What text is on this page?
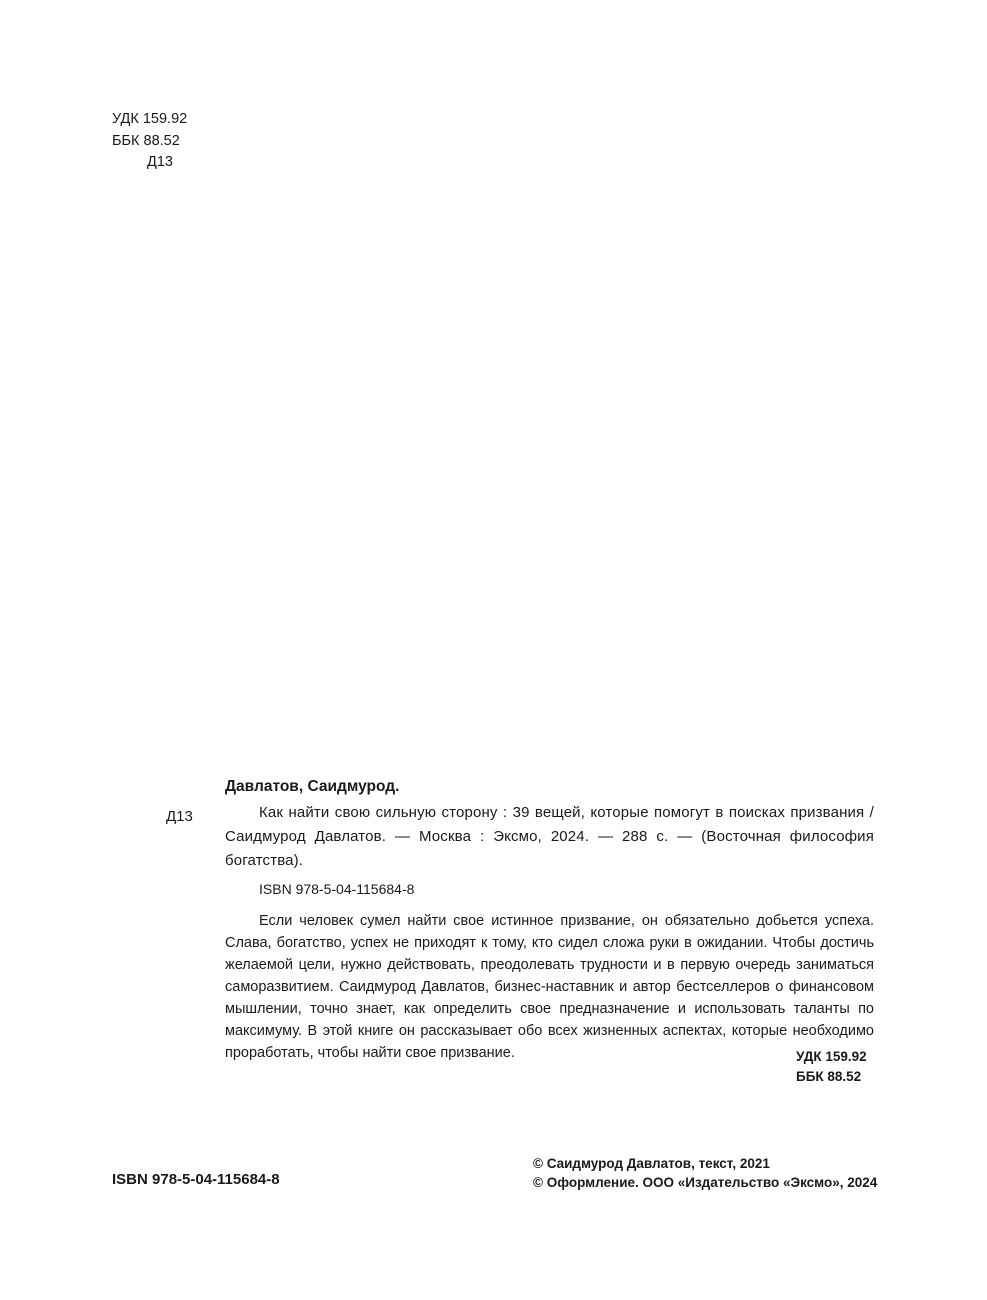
УДК 159.92
ББК 88.52
Д13
Давлатов, Саидмурод.
Д13	Как найти свою сильную сторону : 39 вещей, которые помогут в поисках призвания / Саидмурод Давлатов. — Москва : Эксмо, 2024. — 288 с. — (Восточная философия богатства).
ISBN 978-5-04-115684-8
Если человек сумел найти свое истинное призвание, он обязательно добьется успеха. Слава, богатство, успех не приходят к тому, кто сидел сложа руки в ожидании. Чтобы достичь желаемой цели, нужно действовать, преодолевать трудности и в первую очередь заниматься саморазвитием. Саидмурод Давлатов, бизнес-наставник и автор бестселлеров о финансовом мышлении, точно знает, как определить свое предназначение и использовать таланты по максимуму. В этой книге он рассказывает обо всех жизненных аспектах, которые необходимо проработать, чтобы найти свое призвание.	УДК 159.92
ББК 88.52
ISBN 978-5-04-115684-8
© Саидмурод Давлатов, текст, 2021
© Оформление. ООО «Издательство «Эксмо», 2024
